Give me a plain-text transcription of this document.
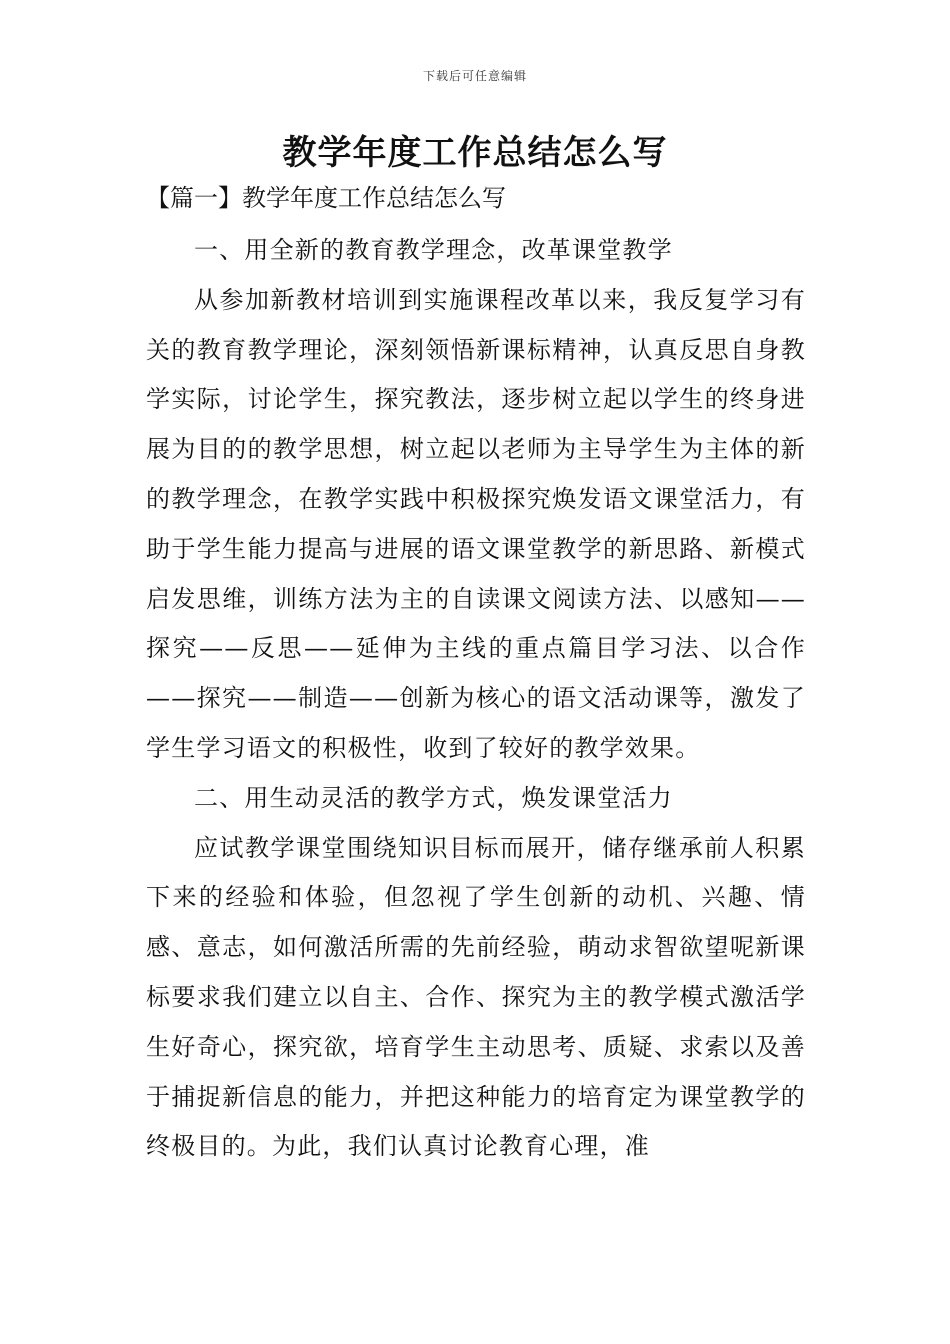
下载后可任意编辑
教学年度工作总结怎么写
【篇一】教学年度工作总结怎么写

一、用全新的教育教学理念，改革课堂教学

从参加新教材培训到实施课程改革以来，我反复学习有关的教育教学理论，深刻领悟新课标精神，认真反思自身教学实际，讨论学生，探究教法，逐步树立起以学生的终身进展为目的的教学思想，树立起以老师为主导学生为主体的新的教学理念，在教学实践中积极探究焕发语文课堂活力，有助于学生能力提高与进展的语文课堂教学的新思路、新模式启发思维，训练方法为主的自读课文阅读方法、以感知——探究——反思——延伸为主线的重点篇目学习法、以合作——探究——制造——创新为核心的语文活动课等，激发了学生学习语文的积极性，收到了较好的教学效果。

二、用生动灵活的教学方式，焕发课堂活力

应试教学课堂围绕知识目标而展开，储存继承前人积累下来的经验和体验，但忽视了学生创新的动机、兴趣、情感、意志，如何激活所需的先前经验，萌动求智欲望呢新课标要求我们建立以自主、合作、探究为主的教学模式激活学生好奇心，探究欲，培育学生主动思考、质疑、求索以及善于捕捉新信息的能力，并把这种能力的培育定为课堂教学的终极目的。为此，我们认真讨论教育心理，准
